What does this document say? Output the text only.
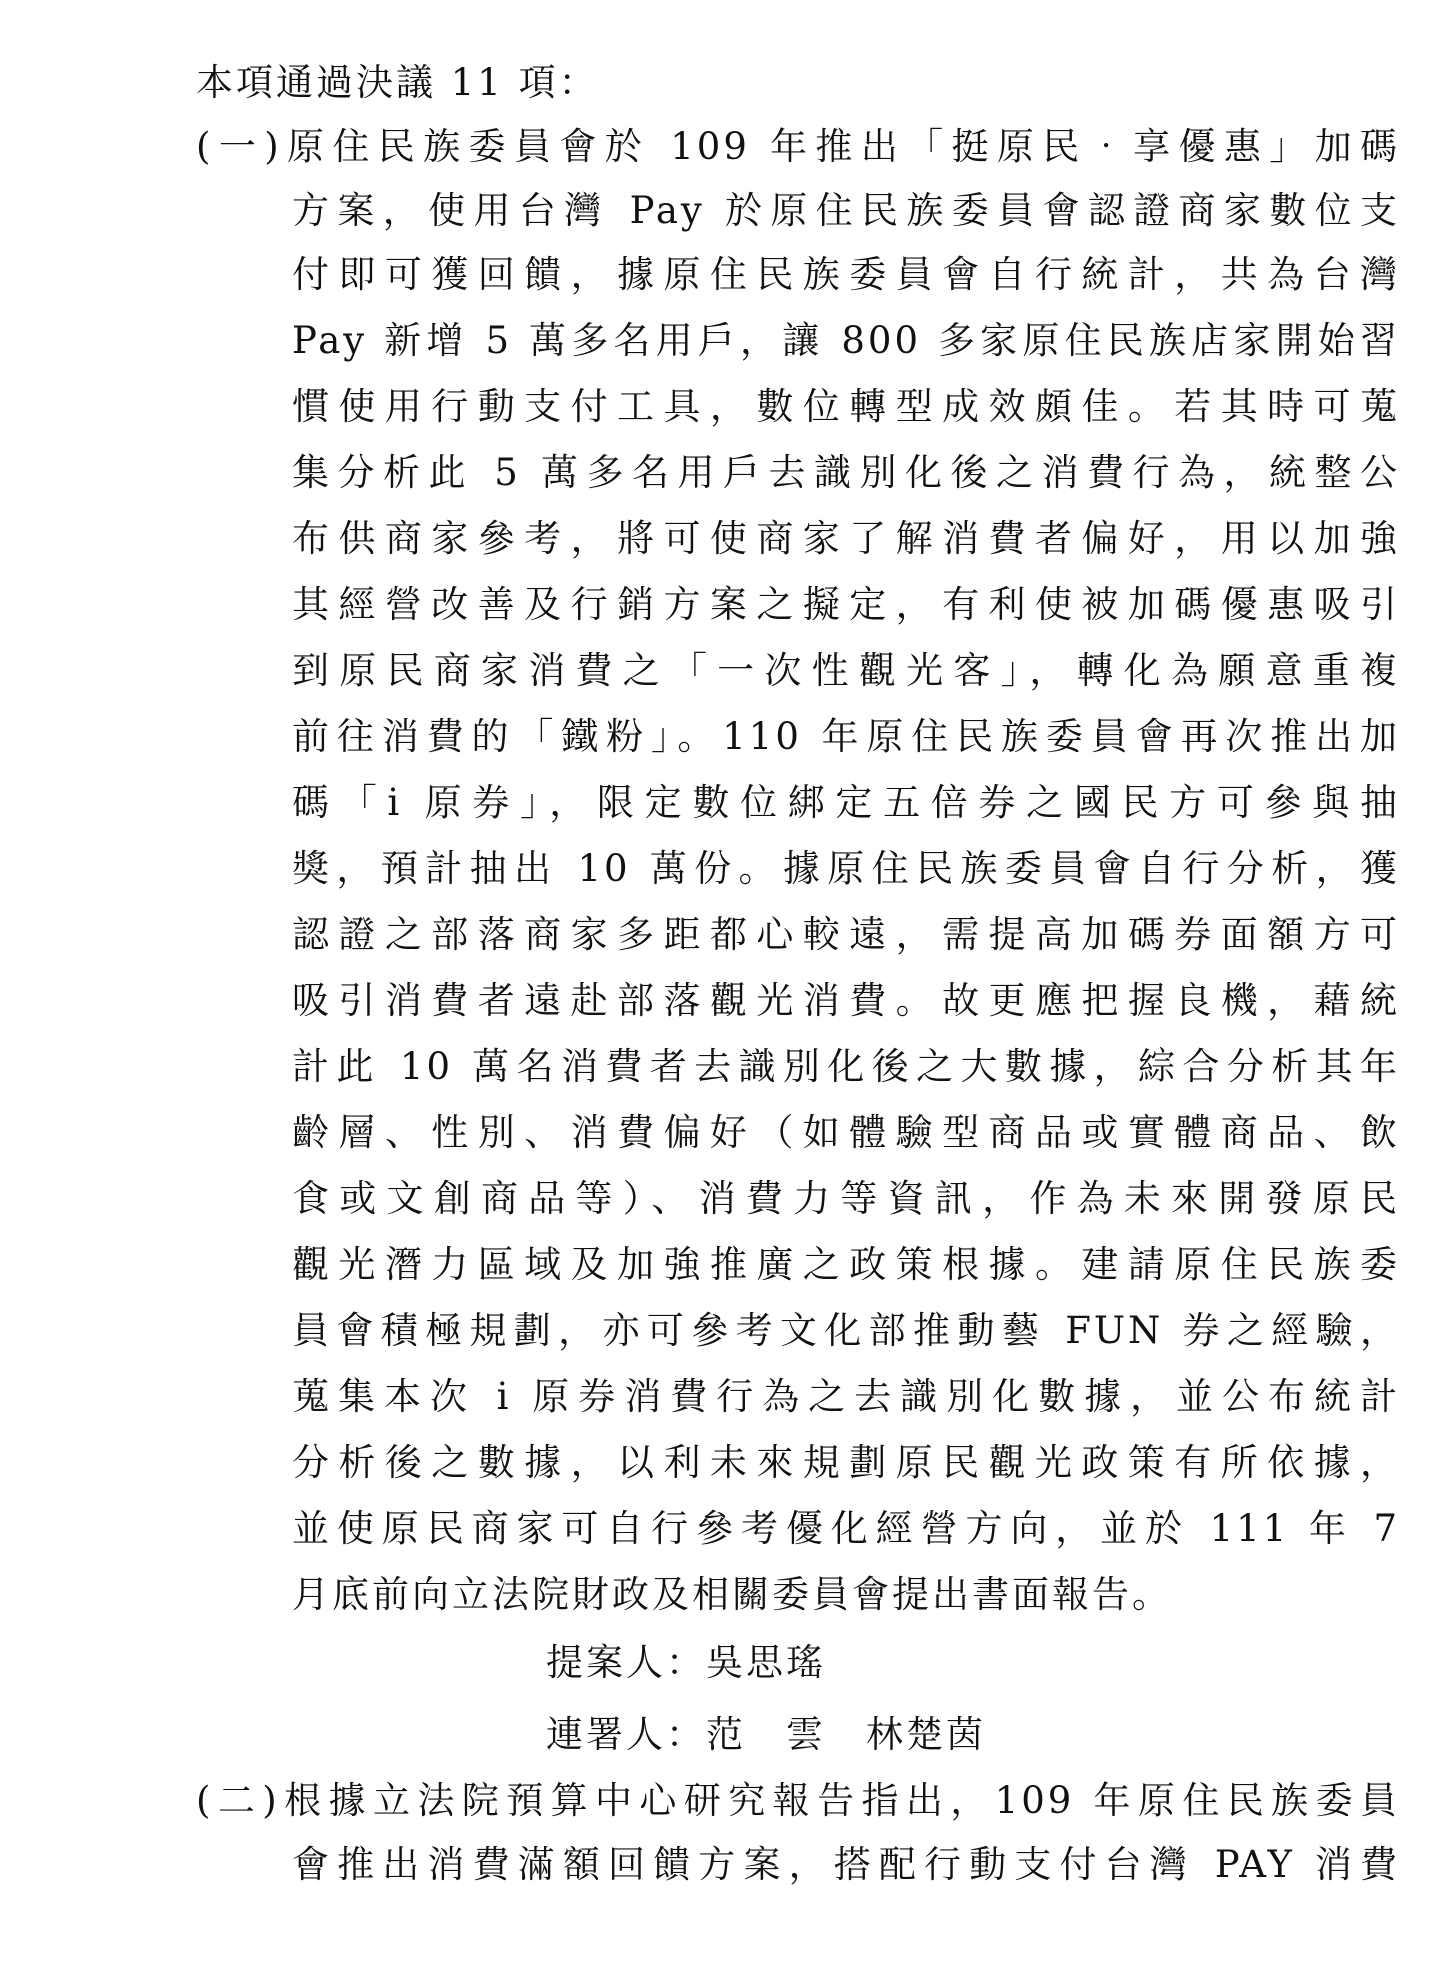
本項通過決議 11 項：
(一)原住民族委員會於 109 年推出「挺原民‧享優惠」加碼
方案，使用台灣 Pay 於原住民族委員會認證商家數位支
付即可獲回饋，據原住民族委員會自行統計，共為台灣
Pay 新增 5 萬多名用戶，讓 800 多家原住民族店家開始習
慣使用行動支付工具，數位轉型成效頗佳。若其時可蒐
集分析此 5 萬多名用戶去識別化後之消費行為，統整公
布供商家參考，將可使商家了解消費者偏好，用以加強
其經營改善及行銷方案之擬定，有利使被加碼優惠吸引
到原民商家消費之「一次性觀光客」，轉化為願意重複
前往消費的「鐵粉」。110 年原住民族委員會再次推出加
碼「i 原券」，限定數位綁定五倍券之國民方可參與抽
獎，預計抽出 10 萬份。據原住民族委員會自行分析，獲
認證之部落商家多距都心較遠，需提高加碼券面額方可
吸引消費者遠赴部落觀光消費。故更應把握良機，藉統
計此 10 萬名消費者去識別化後之大數據，綜合分析其年
齡層、性別、消費偏好（如體驗型商品或實體商品、飲
食或文創商品等）、消費力等資訊，作為未來開發原民
觀光潛力區域及加強推廣之政策根據。建請原住民族委
員會積極規劃，亦可參考文化部推動藝 FUN 券之經驗，
蒐集本次 i 原券消費行為之去識別化數據，並公布統計
分析後之數據，以利未來規劃原民觀光政策有所依據，
並使原民商家可自行參考優化經營方向，並於 111 年 7
月底前向立法院財政及相關委員會提出書面報告。
提案人：吳思瑤
連署人：范　雲　林楚茵
(二)根據立法院預算中心研究報告指出，109 年原住民族委員
會推出消費滿額回饋方案，搭配行動支付台灣 PAY 消費
